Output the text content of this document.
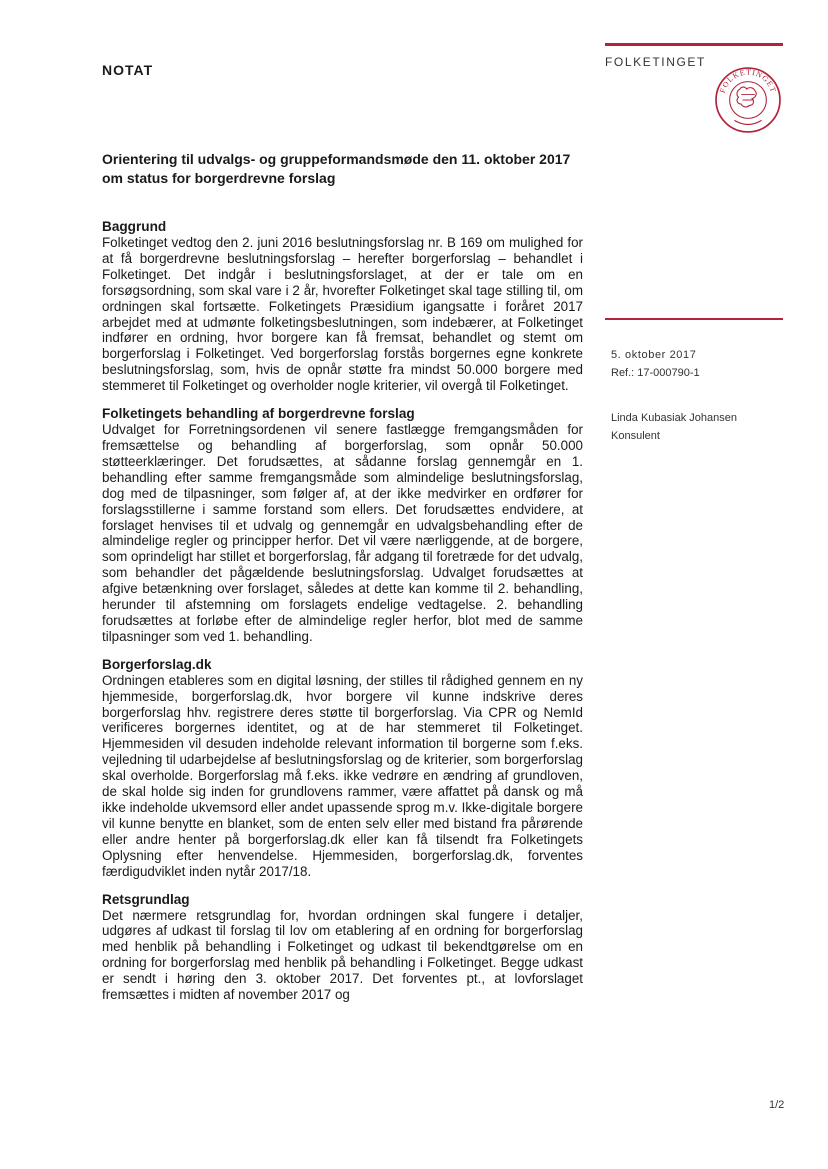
NOTAT	FOLKETINGET
FOLKETINGET
Orientering til udvalgs- og gruppeformandsmøde den 11. oktober 2017
om status for borgerdrevne forslag
Baggrund

Folketinget vedtog den 2. juni 2016 beslutningsforslag nr. B 169 om mulighed for at få borgerdrevne beslutningsforslag – herefter borgerforslag – behandlet i Folketinget. Det indgår i beslutningsforslaget, at der er tale om en forsøgsordning, som skal vare i 2 år, hvorefter Folketinget skal tage stilling til, om ordningen skal fortsætte. Folketingets Præsidium igangsatte i foråret 2017 arbejdet med at udmønte folketingsbeslutningen, som indebærer, at Folketinget indfører en ordning, hvor borgere kan få fremsat, behandlet og stemt om borgerforslag i Folketinget. Ved borgerforslag forstås borgernes egne konkrete beslutningsforslag, som, hvis de opnår støtte fra mindst 50.000 borgere med stemmeret til Folketinget og overholder nogle kriterier, vil overgå til Folketinget.

Folketingets behandling af borgerdrevne forslag

Udvalget for Forretningsordenen vil senere fastlægge fremgangsmåden for fremsættelse og behandling af borgerforslag, som opnår 50.000 støtteerklæringer. Det forudsættes, at sådanne forslag gennemgår en 1. behandling efter samme fremgangsmåde som almindelige beslutningsforslag, dog med de tilpasninger, som følger af, at der ikke medvirker en ordfører for forslagsstillerne i samme forstand som ellers. Det forudsættes endvidere, at forslaget henvises til et udvalg og gennemgår en udvalgsbehandling efter de almindelige regler og principper herfor. Det vil være nærliggende, at de borgere, som oprindeligt har stillet et borgerforslag, får adgang til foretræde for det udvalg, som behandler det pågældende beslutningsforslag. Udvalget forudsættes at afgive betænkning over forslaget, således at dette kan komme til 2. behandling, herunder til afstemning om forslagets endelige vedtagelse. 2. behandling forudsættes at forløbe efter de almindelige regler herfor, blot med de samme tilpasninger som ved 1. behandling.

Borgerforslag.dk

Ordningen etableres som en digital løsning, der stilles til rådighed gennem en ny hjemmeside, borgerforslag.dk, hvor borgere vil kunne indskrive deres borgerforslag hhv. registrere deres støtte til borgerforslag. Via CPR og NemId verificeres borgernes identitet, og at de har stemmeret til Folketinget. Hjemmesiden vil desuden indeholde relevant information til borgerne som f.eks. vejledning til udarbejdelse af beslutningsforslag og de kriterier, som borgerforslag skal overholde. Borgerforslag må f.eks. ikke vedrøre en ændring af grundloven, de skal holde sig inden for grundlovens rammer, være affattet på dansk og må ikke indeholde ukvemsord eller andet upassende sprog m.v. Ikke-digitale borgere vil kunne benytte en blanket, som de enten selv eller med bistand fra pårørende eller andre henter på borgerforslag.dk eller kan få tilsendt fra Folketingets Oplysning efter henvendelse. Hjemmesiden, borgerforslag.dk, forventes færdigudviklet inden nytår 2017/18.

Retsgrundlag

Det nærmere retsgrundlag for, hvordan ordningen skal fungere i detaljer, udgøres af udkast til forslag til lov om etablering af en ordning for borgerforslag med henblik på behandling i Folketinget og udkast til bekendtgørelse om en ordning for borgerforslag med henblik på behandling i Folketinget. Begge udkast er sendt i høring den 3. oktober 2017. Det forventes pt., at lovforslaget fremsættes i midten af november 2017 og

5. oktober 2017
Ref.: 17-000790-1
Linda Kubasiak Johansen
Konsulent
1/2
